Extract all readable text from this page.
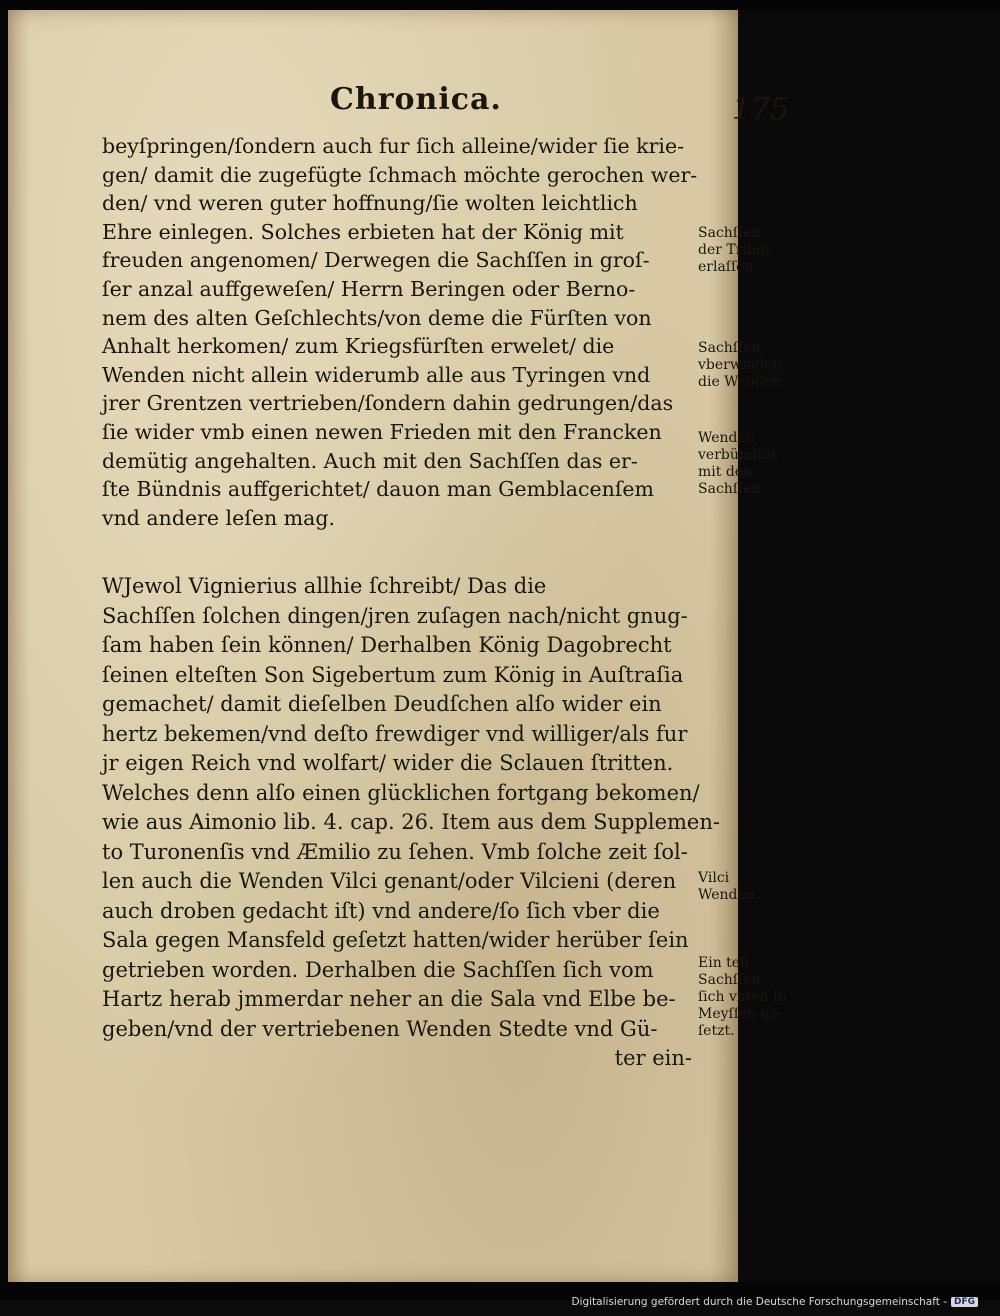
Chronica.	175
beyſpringen/ſondern auch fur ſich alleine/wider ſie krie-
gen/ damit die zugefügte ſchmach möchte gerochen wer-
den/ vnd weren guter hoffnung/ſie wolten leichtlich
Ehre einlegen. Solches erbieten hat der König mit
freuden angenomen/ Derwegen die Sachſſen in groſ-
ſer anzal auffgeweſen/ Herrn Beringen oder Berno-
nem des alten Geſchlechts/von deme die Fürſten von
Anhalt herkomen/ zum Kriegsfürſten erwelet/ die
Wenden nicht allein widerumb alle aus Tyringen vnd
jrer Grentzen vertrieben/ſondern dahin gedrungen/das
ſie wider vmb einen newen Frieden mit den Francken
demütig angehalten. Auch mit den Sachſſen das er-
ſte Bündnis auffgerichtet/ dauon man Gemblacenſem
vnd andere leſen mag.
WJewol Vignierius allhie ſchreibt/ Das die
Sachſſen ſolchen dingen/jren zuſagen nach/nicht gnug-
ſam haben ſein können/ Derhalben König Dagobrecht
ſeinen elteſten Son Sigebertum zum König in Auſtraſia
gemachet/ damit dieſelben Deudſchen alſo wider ein
hertz bekemen/vnd deſto frewdiger vnd williger/als fur
jr eigen Reich vnd wolfart/ wider die Sclauen ſtritten.
Welches denn alſo einen glücklichen fortgang bekomen/
wie aus Aimonio lib. 4. cap. 26. Item aus dem Supplemen-
to Turonenſis vnd Æmilio zu ſehen. Vmb ſolche zeit ſol-
len auch die Wenden Vilci genant/oder Vilcieni (deren
auch droben gedacht iſt) vnd andere/ſo ſich vber die
Sala gegen Mansfeld geſetzt hatten/wider herüber ſein
getrieben worden. Derhalben die Sachſſen ſich vom
Hartz herab jmmerdar neher an die Sala vnd Elbe be-
geben/vnd der vertriebenen Wenden Stedte vnd Gü-
ter ein-
Sachſſen
der Tribut
erlaſſen
Sachſſen
vberwinden
die Wenden.
Wenden
verbündnis
mit den
Sachſſen.
Vilci
Wenden.
Ein teil
Sachſſen
ſich vnten in
Meyſſen ge-
ſetzt.
Digitalisierung gefördert durch die Deutsche Forschungsgemeinschaft - DFG
